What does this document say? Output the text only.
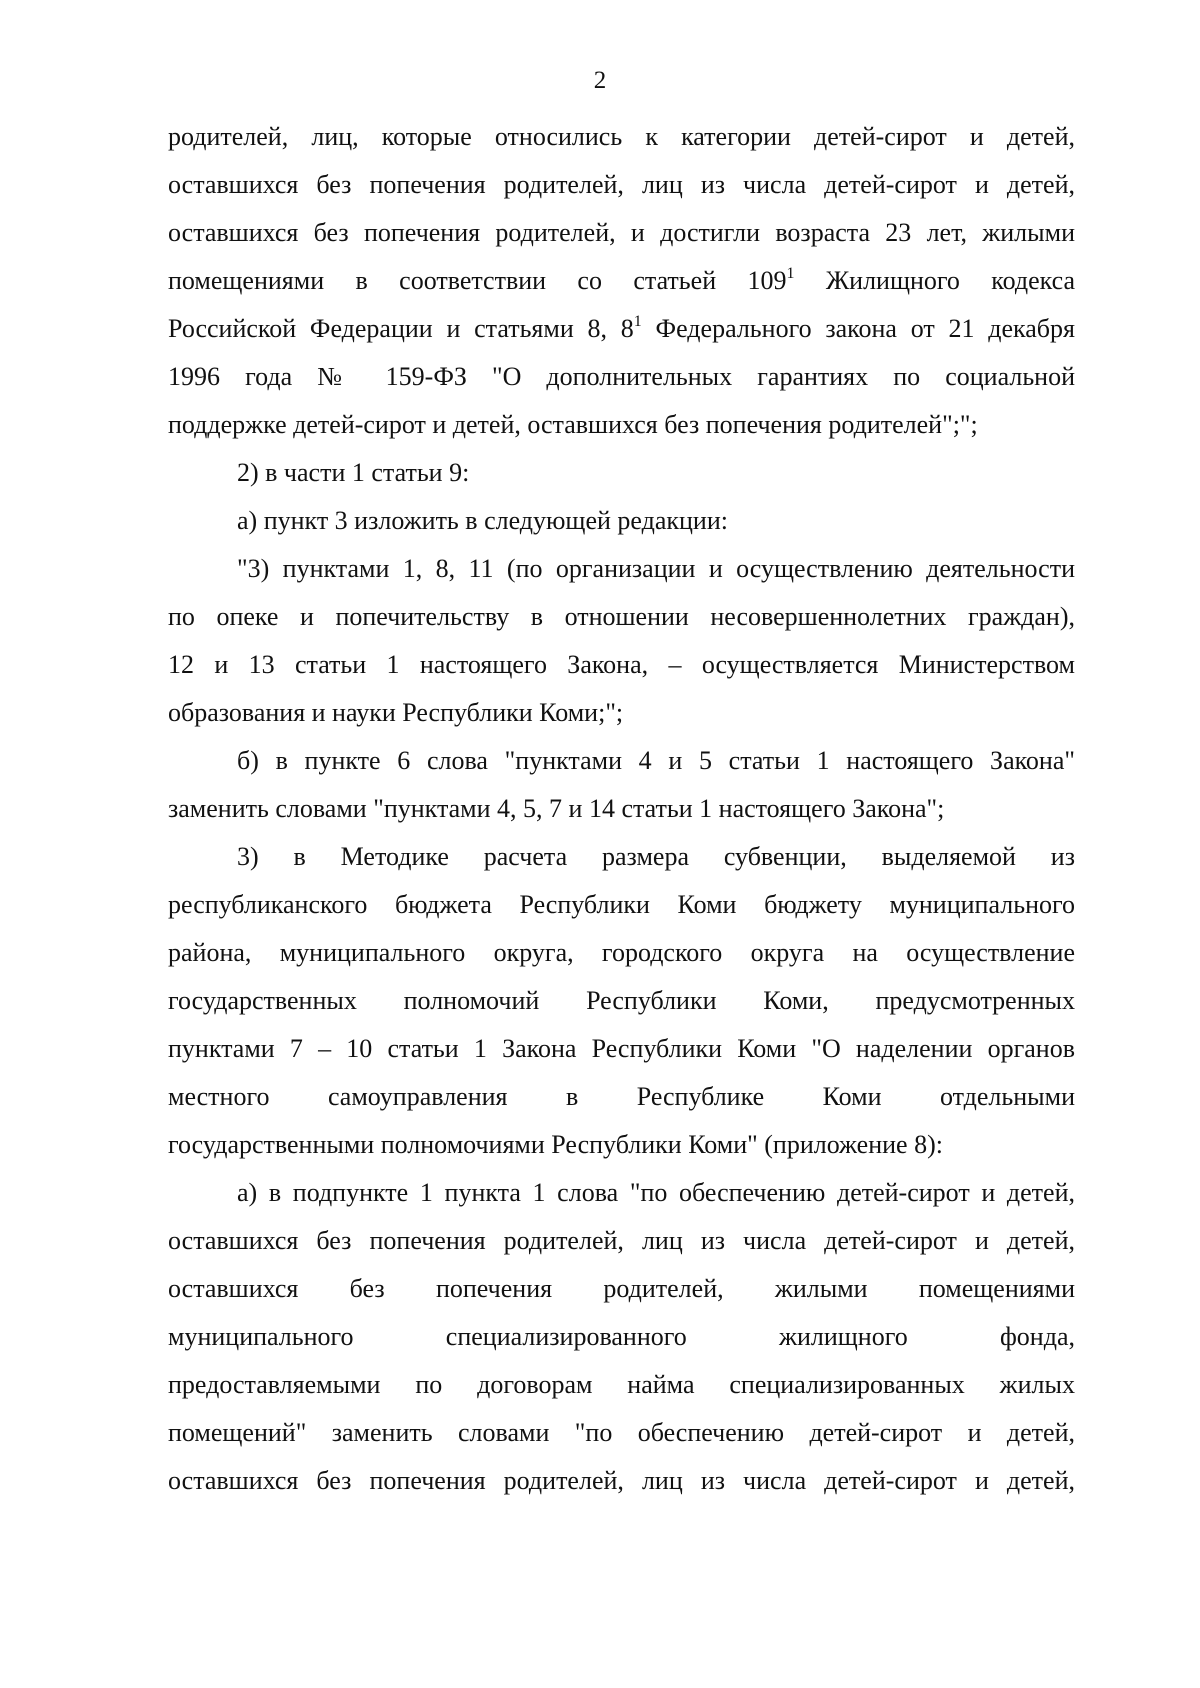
2
родителей, лиц, которые относились к категории детей-сирот и детей,
оставшихся без попечения родителей, лиц из числа детей-сирот и детей,
оставшихся без попечения родителей, и достигли возраста 23 лет, жилыми
помещениями в соответствии со статьей $109^1$ Жилищного кодекса
Российской Федерации и статьями 8, $8^1$ Федерального закона от 21 декабря
1996 года № 159-ФЗ "О дополнительных гарантиях по социальной
поддержке детей-сирот и детей, оставшихся без попечения родителей";";
2) в части 1 статьи 9:
а) пункт 3 изложить в следующей редакции:
"3) пунктами 1, 8, 11 (по организации и осуществлению деятельности
по опеке и попечительству в отношении несовершеннолетних граждан),
12 и 13 статьи 1 настоящего Закона, – осуществляется Министерством
образования и науки Республики Коми;";
б) в пункте 6 слова "пунктами 4 и 5 статьи 1 настоящего Закона"
заменить словами "пунктами 4, 5, 7 и 14 статьи 1 настоящего Закона";
3) в Методике расчета размера субвенции, выделяемой из
республиканского бюджета Республики Коми бюджету муниципального
района, муниципального округа, городского округа на осуществление
государственных полномочий Республики Коми, предусмотренных
пунктами 7 – 10 статьи 1 Закона Республики Коми "О наделении органов
местного самоуправления в Республике Коми отдельными
государственными полномочиями Республики Коми" (приложение 8):
а) в подпункте 1 пункта 1 слова "по обеспечению детей-сирот и детей,
оставшихся без попечения родителей, лиц из числа детей-сирот и детей,
оставшихся без попечения родителей, жилыми помещениями
муниципального специализированного жилищного фонда,
предоставляемыми по договорам найма специализированных жилых
помещений" заменить словами "по обеспечению детей-сирот и детей,
оставшихся без попечения родителей, лиц из числа детей-сирот и детей,
